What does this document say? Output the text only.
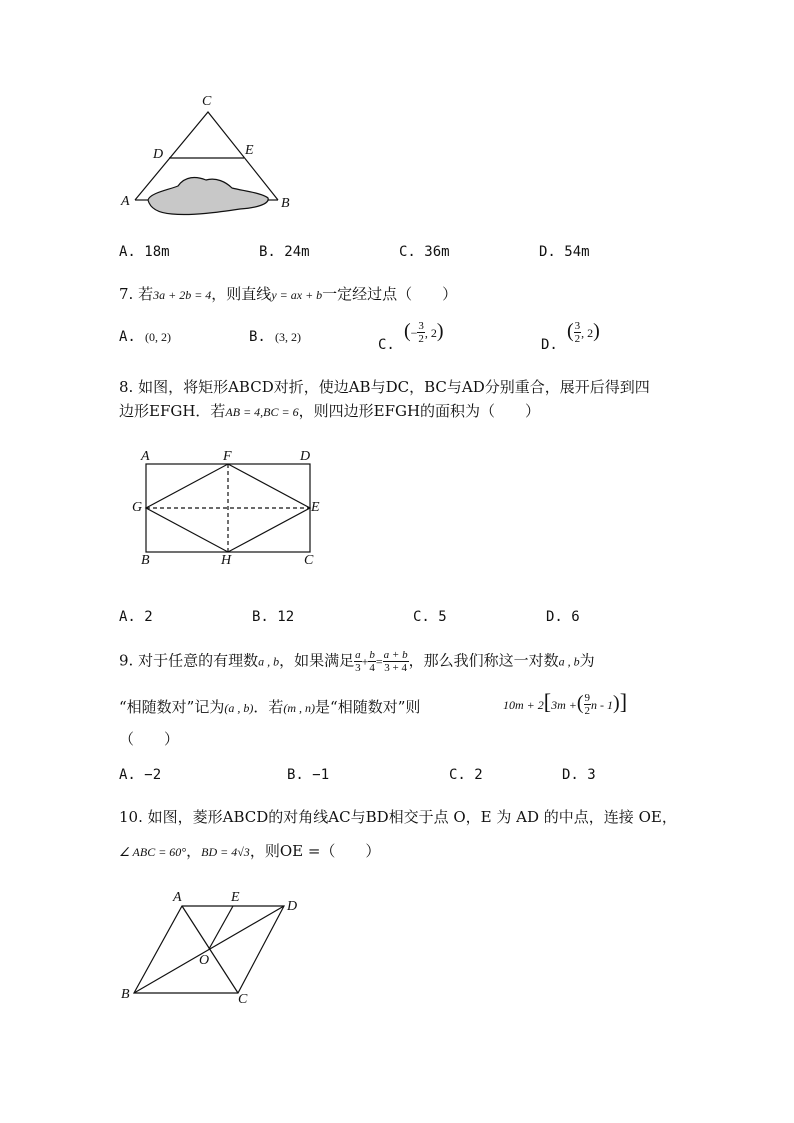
C
D	E
A	B
A. 18m	B. 24m	C. 36m	D. 54m
7. 若3a + 2b = 4，则直线y = ax + b一定经过点（　　）
A. (0, 2)	B. (3, 2)	C. (− $\frac{3}{2}$ , 2)
D. ( $\frac{3}{2}$ , 2)
8. 如图，将矩形ABCD对折，使边AB与DC，BC与AD分别重合，展开后得到四
边形EFGH．若AB = 4,BC = 6，则四边形EFGH的面积为（　　）
A	F	D
G	E
B	H	C
A. 2	B. 12	C. 5	D. 6
9. 对于任意的有理数a , b，如果满足 $\frac{a}{3} + \frac{b}{4} = \frac{a + b}{3 + 4}$ ，那么我们称这一对数a , b为
“相随数对”记为(a , b)．若(m , n)是“相随数对”则	10m + 2[3m +( $\frac{9}{2}$ n - 1)]
（　　）
A. −2	B. −1	C. 2	D. 3
10. 如图，菱形ABCD的对角线AC与BD相交于点 O，E 为 AD 的中点，连接 OE，
∠ ABC = 60°，BD = 4√3，则OE =（　　）
A	E
D
O
B	C
